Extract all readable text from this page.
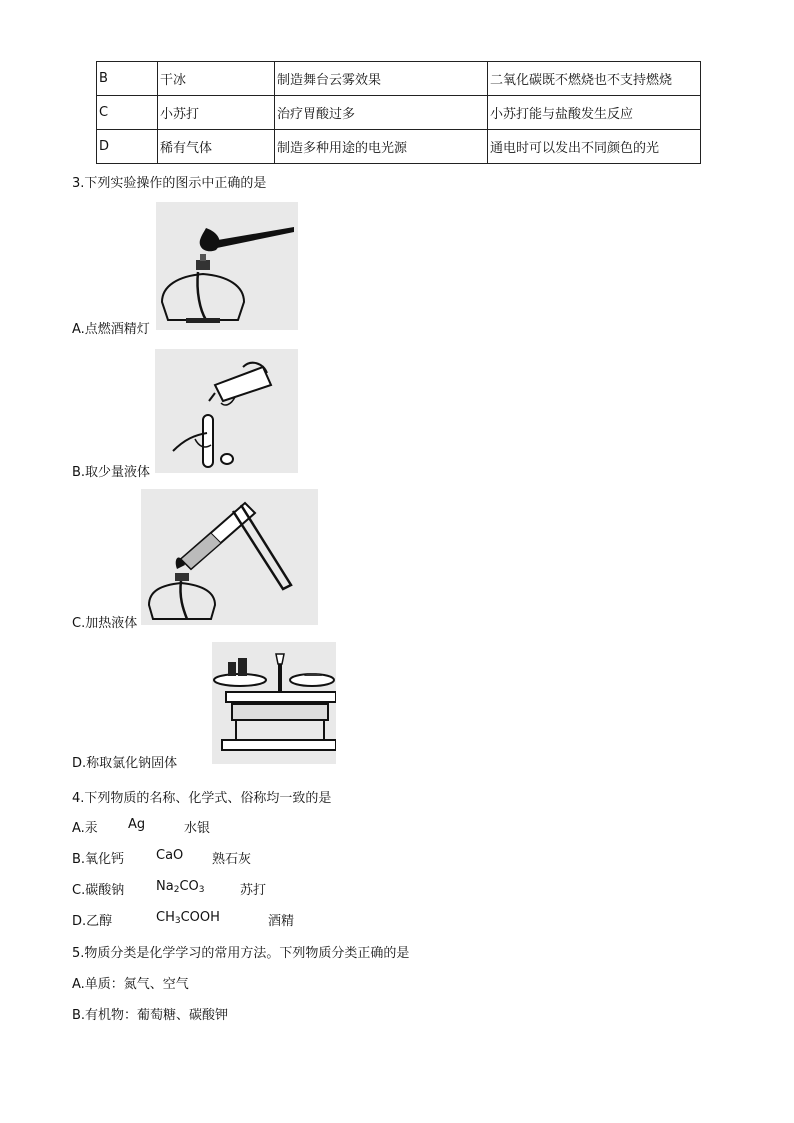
B	干冰	制造舞台云雾效果	二氧化碳既不燃烧也不支持燃烧
C	小苏打	治疗胃酸过多	小苏打能与盐酸发生反应
D	稀有气体	制造多种用途的电光源	通电时可以发出不同颜色的光
3.下列实验操作的图示中正确的是
A.点燃酒精灯
B.取少量液体
C.加热液体
D.称取氯化钠固体
4.下列物质的名称、化学式、俗称均一致的是
A.汞 Ag	水银
B.氧化钙 CaO 熟石灰
C.碳酸钠 $Na_2CO_3$	苏打
D.乙醇	$CH_3COOH$	酒精
5.物质分类是化学学习的常用方法。下列物质分类正确的是
A.单质：氮气、空气
B.有机物：葡萄糖、碳酸钾
